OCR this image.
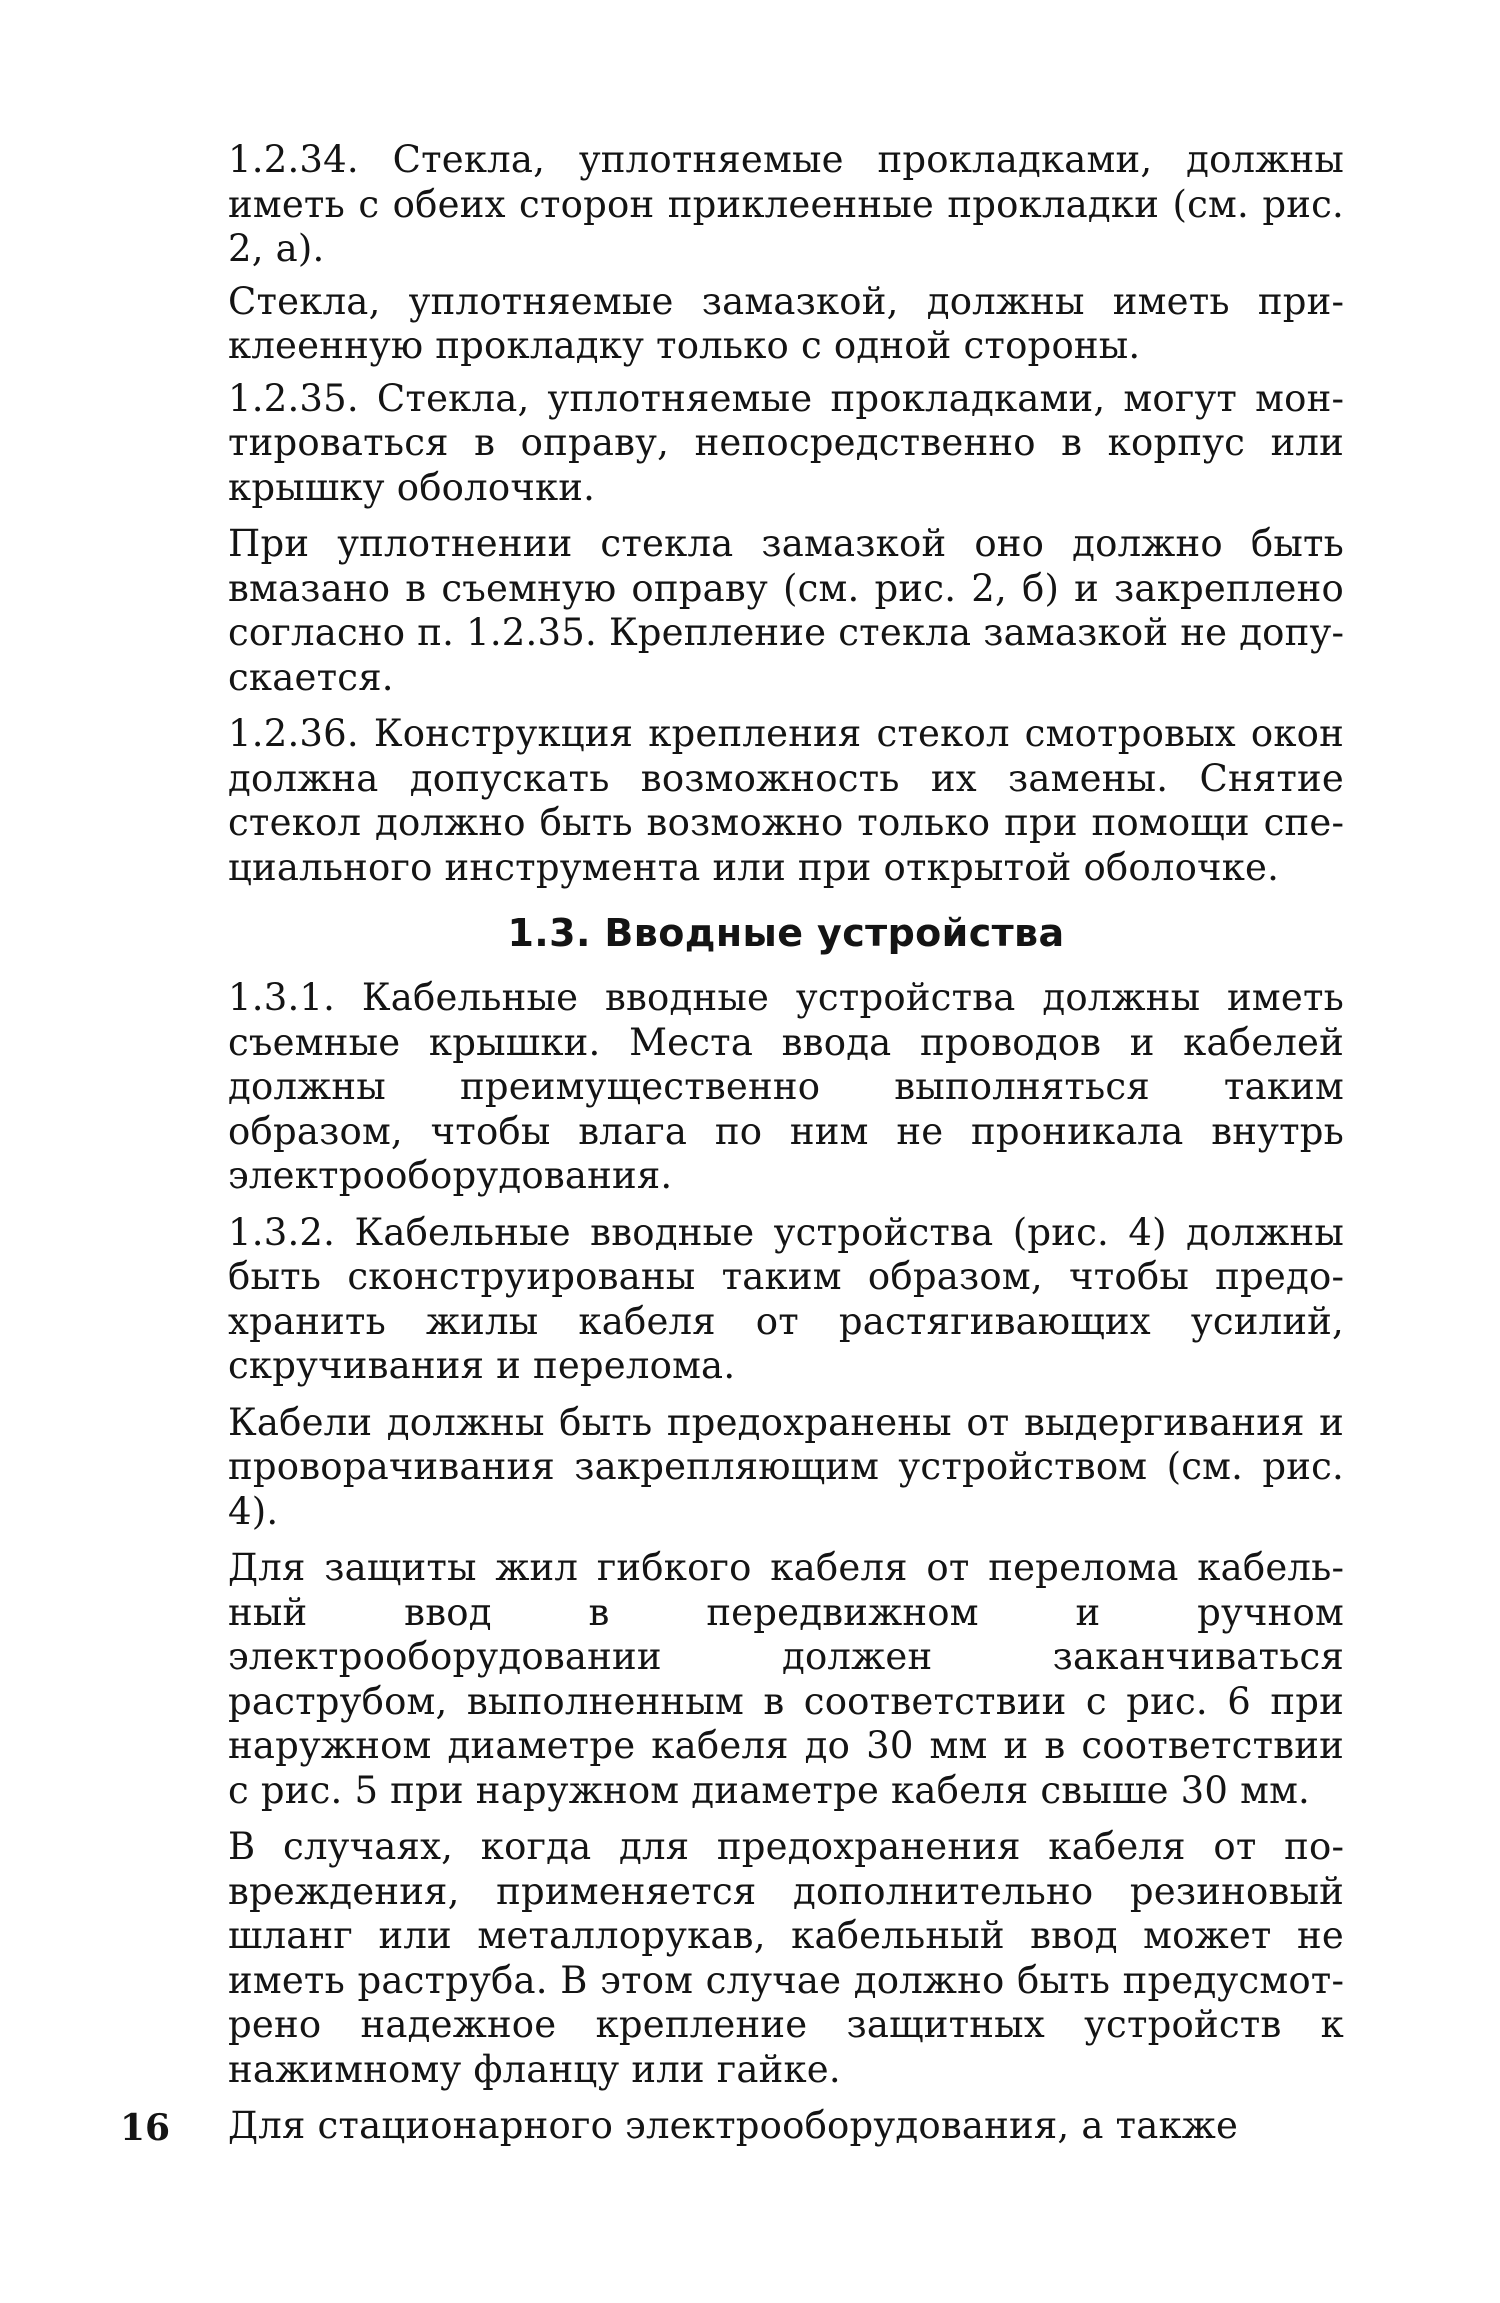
1.2.34. Стекла, уплотняемые прокладками, должны иметь с обеих сторон приклеенные прокладки (см. рис. 2, а).

Стекла, уплотняемые замазкой, должны иметь приклеенную прокладку только с одной стороны.

1.2.35. Стекла, уплотняемые прокладками, могут монтироваться в оправу, непосредственно в корпус или крышку оболочки.

При уплотнении стекла замазкой оно должно быть вмазано в съемную оправу (см. рис. 2, б) и закреплено согласно п. 1.2.35. Крепление стекла замазкой не допускается.

1.2.36. Конструкция крепления стекол смотровых окон должна допускать возможность их замены. Снятие стекол должно быть возможно только при помощи специального инструмента или при открытой оболочке.

1.3. Вводные устройства

1.3.1. Кабельные вводные устройства должны иметь съемные крышки. Места ввода проводов и кабелей должны преимущественно выполняться таким образом, чтобы влага по ним не проникала внутрь электрооборудования.

1.3.2. Кабельные вводные устройства (рис. 4) должны быть сконструированы таким образом, чтобы предохранить жилы кабеля от растягивающих усилий, скручивания и перелома.

Кабели должны быть предохранены от выдергивания и проворачивания закрепляющим устройством (см. рис. 4).

Для защиты жил гибкого кабеля от перелома кабельный ввод в передвижном и ручном электрооборудовании должен заканчиваться раструбом, выполненным в соответствии с рис. 6 при наружном диаметре кабеля до 30 мм и в соответствии с рис. 5 при наружном диаметре кабеля свыше 30 мм.

В случаях, когда для предохранения кабеля от повреждения, применяется дополнительно резиновый шланг или металлорукав, кабельный ввод может не иметь раструба. В этом случае должно быть предусмотрено надежное крепление защитных устройств к нажимному фланцу или гайке.

Для стационарного электрооборудования, а также

16
